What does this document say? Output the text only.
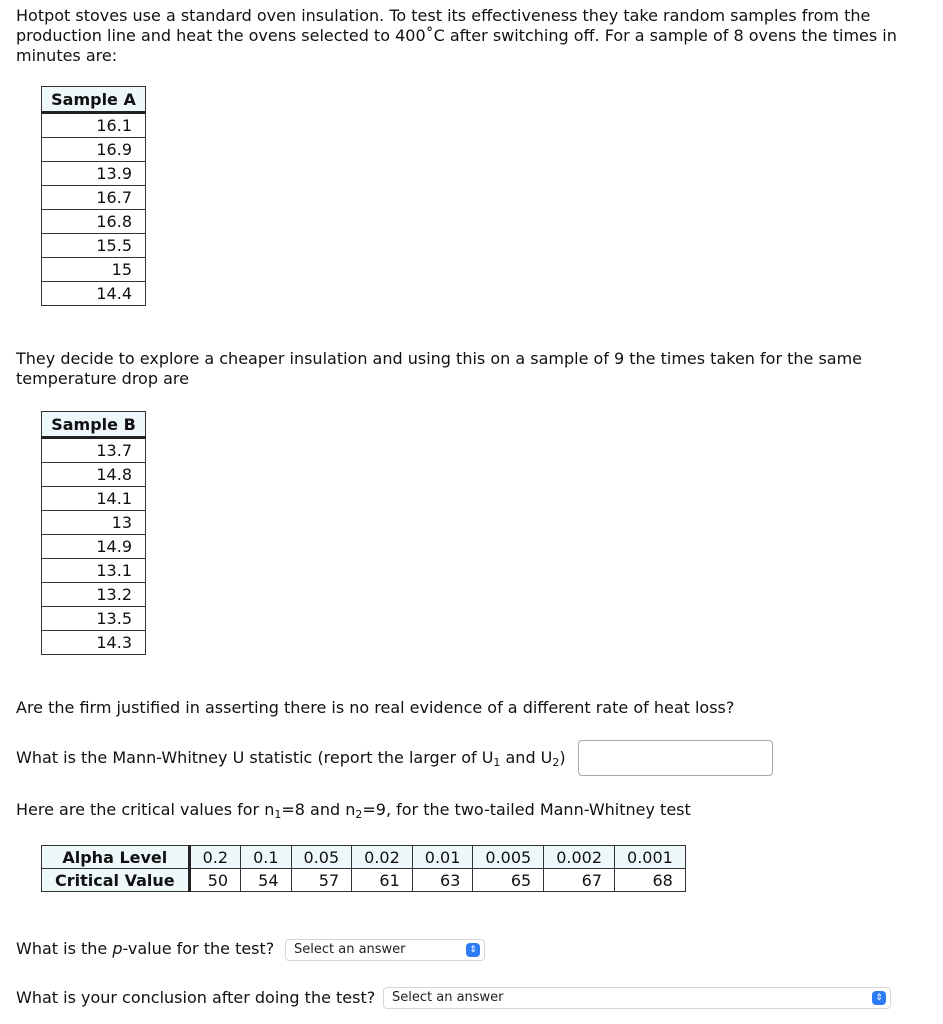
Hotpot stoves use a standard oven insulation. To test its effectiveness they take random samples from the production line and heat the ovens selected to 400˚C after switching off. For a sample of 8 ovens the times in minutes are:

Sample A
16.1
16.9
13.9
16.7
16.8
15.5
15
14.4

They decide to explore a cheaper insulation and using this on a sample of 9 the times taken for the same temperature drop are

Sample B
13.7
14.8
14.1
13
14.9
13.1
13.2
13.5
14.3

Are the firm justified in asserting there is no real evidence of a different rate of heat loss?

What is the Mann-Whitney U statistic (report the larger of $U_1$ and $U_2$)

Here are the critical values for $n_1=8$ and $n_2=9$, for the two-tailed Mann-Whitney test

Alpha Level	0.2	0.1	0.05	0.02	0.01	0.005	0.002	0.001
Critical Value	50	54	57	61	63	65	67	68

What is the p-value for the test?	Select an answer	⇕

What is your conclusion after doing the test?	Select an answer	⇕
